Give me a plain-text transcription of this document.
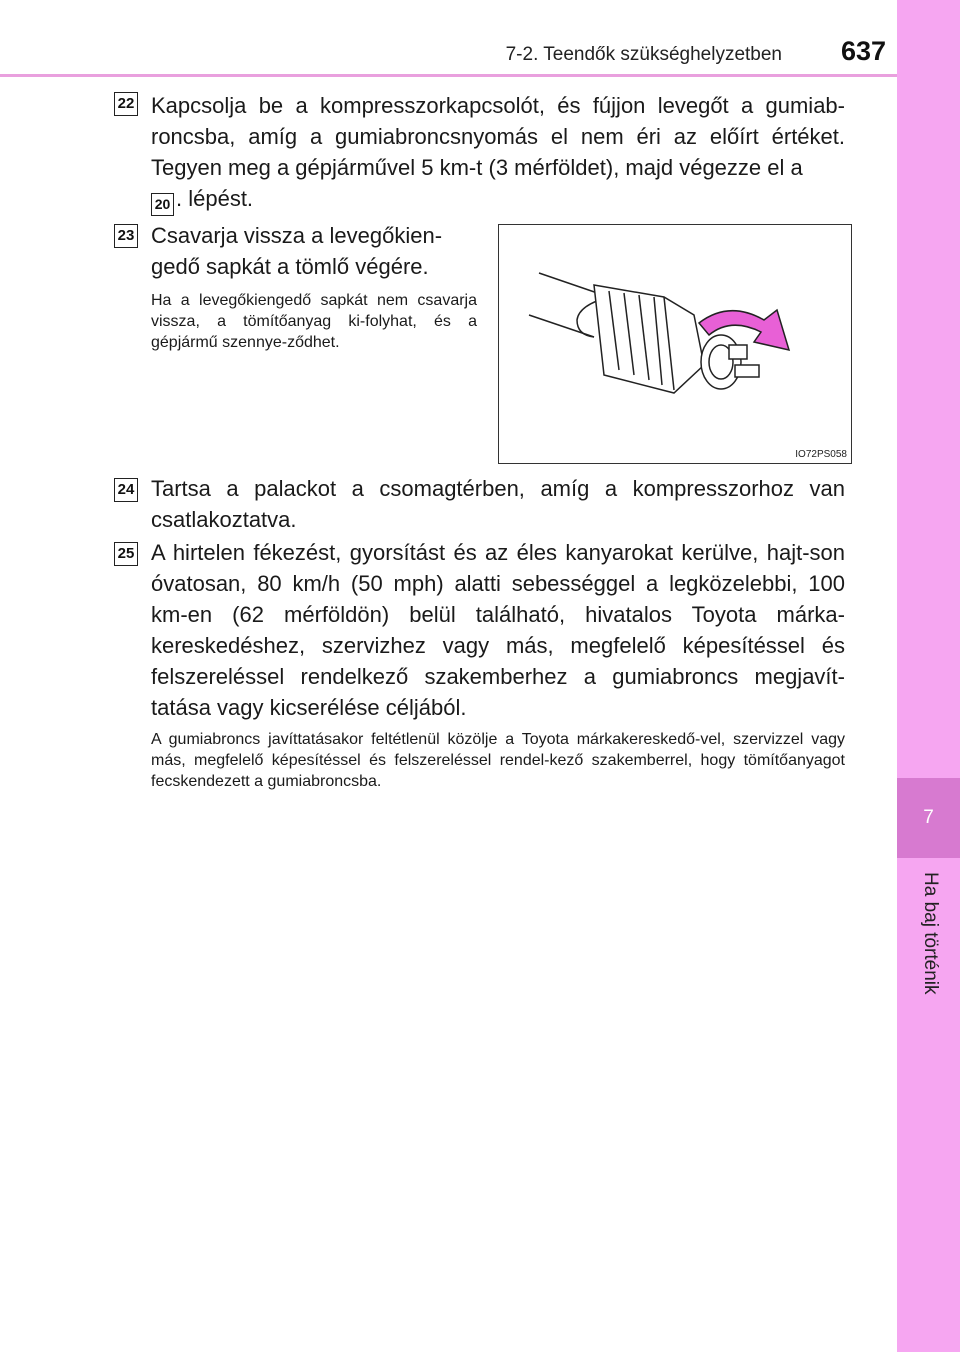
7-2. Teendők szükséghelyzetben	637
7
Ha baj történik
22 Kapcsolja be a kompresszorkapcsolót, és fújjon levegőt a gumiab-roncsba, amíg a gumiabroncsnyomás el nem éri az előírt értéket. Tegyen meg a gépjárművel 5 km-t (3 mérföldet), majd végezze el a
20 . lépést.
23 Csavarja vissza a levegőkien-gedő sapkát a tömlő végére.
Ha a levegőkiengedő sapkát nem csavarja vissza, a tömítőanyag ki-folyhat, és a gépjármű szennye-ződhet.
IO72PS058
24 Tartsa a palackot a csomagtérben, amíg a kompresszorhoz van csatlakoztatva.
25 A hirtelen fékezést, gyorsítást és az éles kanyarokat kerülve, hajt-son óvatosan, 80 km/h (50 mph) alatti sebességgel a legközelebbi, 100 km-en (62 mérföldön) belül található, hivatalos Toyota márka-kereskedéshez, szervizhez vagy más, megfelelő képesítéssel és felszereléssel rendelkező szakemberhez a gumiabroncs megjavít-tatása vagy kicserélése céljából.
A gumiabroncs javíttatásakor feltétlenül közölje a Toyota márkakereskedő-vel, szervizzel vagy más, megfelelő képesítéssel és felszereléssel rendel-kező szakemberrel, hogy tömítőanyagot fecskendezett a gumiabroncsba.
